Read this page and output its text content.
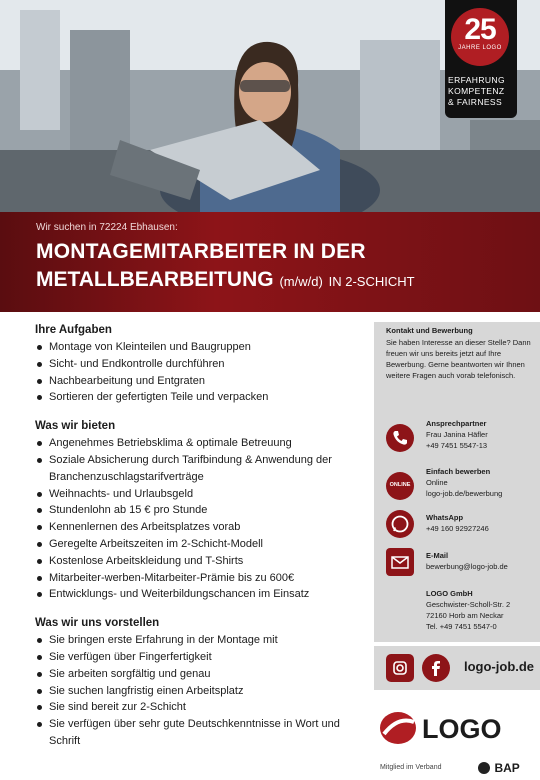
25
JAHRE LOGO
ERFAHRUNG
KOMPETENZ
& FAIRNESS
Wir suchen in 72224 Ebhausen:
MONTAGEMITARBEITER IN DER
METALLBEARBEITUNG (m/w/d) IN 2-SCHICHT
Ihre Aufgaben
Montage von Kleinteilen und Baugruppen
Sicht- und Endkontrolle durchführen
Nachbearbeitung und Entgraten
Sortieren der gefertigten Teile und verpacken
Was wir bieten
Angenehmes Betriebsklima & optimale Betreuung
Soziale Absicherung durch Tarifbindung & Anwendung der Branchenzuschlagstarifverträge
Weihnachts- und Urlaubsgeld
Stundenlohn ab 15 € pro Stunde
Kennenlernen des Arbeitsplatzes vorab
Geregelte Arbeitszeiten im 2-Schicht-Modell
Kostenlose Arbeitskleidung und T-Shirts
Mitarbeiter-werben-Mitarbeiter-Prämie bis zu 600€
Entwicklungs- und Weiterbildungschancen im Einsatz
Was wir uns vorstellen
Sie bringen erste Erfahrung in der Montage mit
Sie verfügen über Fingerfertigkeit
Sie arbeiten sorgfältig und genau
Sie suchen langfristig einen Arbeitsplatz
Sie sind bereit zur 2-Schicht
Sie verfügen über sehr gute Deutschkenntnisse in Wort und Schrift
Kontakt und Bewerbung
Sie haben Interesse an dieser Stelle? Dann freuen wir uns bereits jetzt auf Ihre Bewerbung. Gerne beantworten wir Ihnen weitere Fragen auch vorab telefonisch.
Ansprechpartner
Frau Janina Häfler
+49 7451 5547-13
ONLINE
Einfach bewerben
Online
logo-job.de/bewerbung
WhatsApp
+49 160 92927246
E-Mail
bewerbung@logo-job.de
LOGO GmbH
Geschwister-Scholl-Str. 2
72160 Horb am Neckar
Tel. +49 7451 5547-0
logo-job.de
LOGO
Mitglied im Verband	BAP
